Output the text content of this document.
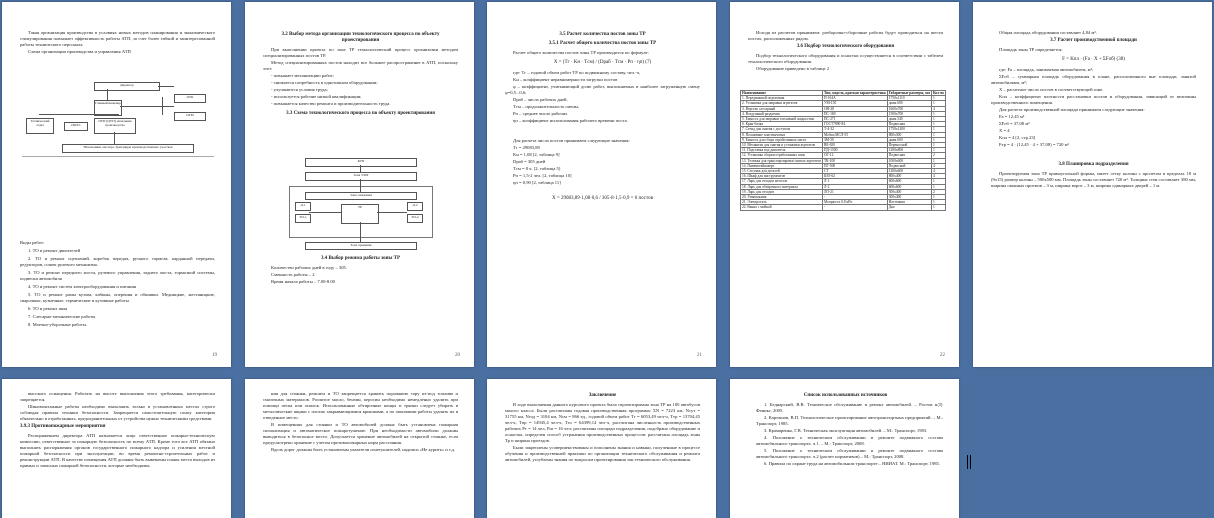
Такая организация производства в условиях новых методов планирования и экономического стимулирования повышает эффективность работы АТП, за счет более гибкой и заинтересованной работы технического персонала.

Схема организации производства и управления АТП

Директор
Главный инженер
ОТК
ОГМ
Технический отдел	ОМТС
ОУП (ЦУП) начальник производства
Начальники, мастера, бригадиры производственных участков

Виды работ:

1. ТО и ремонт двигателей

2. ТО и ремонт сцеплений, коробок передач, ручного тормоза, карданной передачи, редукторов, сошек рулевого механизма.

3. ТО и ремонт переднего моста, рулевого управления, заднего моста, тормозной системы, подвески автомобиля

4. ТО и ремонт систем электрооборудования и питания

5. ТО и ремонт рамы кузова, кабины, оперения и обшивки. Медницкие, жестяницкие, сварочные, кузнечные, термические и кузовные работы

6. ТО и ремонт шин

7. Слесарно-механические работы

8. Моечно-уборочные работы.

19
3.2 Выбор метода организации технологического процесса по объекту проектирования

При выполнении проекта по зоне ТР технологический процесс организован методом специализированных постов ТР.

Метод специализированных постов находит все большее распространение в АТП, поскольку этот:

- повышает механизацию работ;

- снижается потребность в однотипном оборудовании;

- улучшаются условия труда;

- используется рабочие низкой квалификации;

- повышается качество ремонта и производительность труда.

3.3 Схема технологического процесса по объекту проектирования
КТП
Зона УМР
Зона ожидания
Д-1
ТО-1
ТР	Д-2
ТО-2
Зона хранения
3.4 Выбор режима работы зоны ТР

Количество рабочих дней в году – 305.

Сменность работы – 2

Время начала работы – 7.00-8.00

20
3.5 Расчет количества постов зоны ТР
3.5.1 Расчет общего количества постов зоны ТР

Расчет общего количества постов зоны ТР производится по формуле:

X = (Tг · Kн · Tсм) / (Dраб · Tсм · Pп · ηп) (7)

где: Tг – годовой объем работ ТР по подвижному составу, чел.-ч,

Kн – коэффициент неравномерности загрузки постов

φ – коэффициент, учитывающий долю работ, выполняемых в наиболее загруженную смену φ=0,5...0,6;

Dраб – число рабочих дней,

Tсм – продолжительность смены,

Pп – среднее число рабочих

ηп – коэффициент использования рабочего времени поста.

Для расчета числа постов принимаем следующие значения:

Tг = 29083,89

Kн = 1,08 [2, таблица 9]

Dраб = 305 дней

Tсм = 8 ч. [2, таблица 5]

Pп = 1,5-2 чел. [2, таблица 10]

ηп = 0,90 [2, таблица 11]

X = 29083,89·1,08·0,6 / 305·8·1,5·0,9 = 6 постов
21

Исходя из расчетов принимаем: разборочно-сборочные работы будут проводиться на шести постах, расположенных рядом.

3.6 Подбор технологического оборудования

Подбор технологического оборудования и оснастки осуществляется в соответствии с табелем технологического оборудования.

Оборудование приведено в таблице 2

Наименование	Тип, модель, краткая характеристика	Габаритные размеры, мм	Кол-во
1. Передвижной подъемник	П-164А	1750х1110	1
2. Установка для заправки агрегатов	УМ-150	диам.600	1
3. Верстак слесарный	ОН-28	1600х700	4
4. Воздушный раздатчик	ПС-180	1500х700	1
5. Емкость для заправки топливной жидкостью	ПС-271	диам.540	1
6. Кран-балка	ГОСТ7890-84	Подвесная	1
7. Стенд для снятия с доступом	Т-4-32	1750х1200	1
8. Положение пластинчатых	Мобил.МСЛ-55	800х300	1
9. Емкость для сбора отработанных масел	ЗМ-30	диам.600	1
10. Механизм для снятия и установки агрегатов	ВБ-650	Переносной	1
11. Подставка под двигатель	ПД-1500	1200х800	1
12. Установка сборки отработанных шин	ОГ-12	Подвесная	2
13. Тележка для транспортировки снятых агрегатов	ТК-100	1000х600	1
14. Пневмогайковерт	ПГ-500	Подвесной	4
15. Стеллаж для деталей	СТ	1200х600	4
16. Шкаф для инструментов	ШО-62	800х400	4
17. Ларь для отходов металла	Л-1	600х600	1
18. Ларь для обтирочного материала	Л-2	600х600	1
19. Ларь для отходов	ЛО-21	500х400	2
20. Умывальник	-	300х400	1
21. Электроталь	Мощность 0,8 кВт	Настенная	1
22. Ванна с мойкой	-	Дно	1
22

Общая площадь оборудования составляет 4,84 м².

3.7 Расчет производственной площади

Площадь зоны ТР определяется:

F = Kпл · (Fа · X + ΣFоб) (38)

где: Fа – площадь, занимаемая автомобилем, м²;

ΣFоб – суммарная площадь оборудования в плане, расположенного вне площади, занятой автомобилями, м²;

X – расчетное число постов в соответствующей зоне.

Kпл – коэффициент плотности расстановки постов и оборудования, зависящий от величины производственного помещения.

Для расчета производственной площади принимаем следующие значения:

Fа = 12,45 м²

ΣFоб = 37,08 м²

X = 4

Kпл = 4 [2, стр.23]

Fтр = 4 · (12,45 · 4 + 37,08) = 720 м²

3.8 Планировка подразделения

Проектируемая зона ТР прямоугольной формы, имеет сетку колонн с пролетом в пределах 18 м (9х15) размер колонн – 500х500 мм. Площадь зоны составляет 720 м². Толщина стен составляет 380 мм, ширина оконных проемов – 3 м, ширина ворот – 3 м, ширина одинарных дверей – 1 м.

высокого оснащения. Работать на высоте выполнения этого требования, категорически запрещается.

Шиномонтажные работы необходимо выполнять только в установленных местах строго соблюдая правила техники безопасности. Запрещается самостоятельную полку категории обязательно в отработанных, предохранительных от устройства нужно техническими средствами.

3.9.3 Противопожарные мероприятия

Распоряжением директора АТП назначается лицо ответственное пожарно-техническую комиссию, ответственное за пожарную безопасность по всему АТП. Кроме того все АТП обязано выполнять распоряжения органов государственного пожарного надзора и усиления местной пожарной безопасности при эксплуатации, во время ремонтно-строительных работ и реконструкции АТП. В качестве помещения АТП должны быть вывешены планы места выходов из прямых и запасных пожарной безопасности, которые необходимы.

ния для стоянки, ремонта и ТО запрещается хранить порожнюю тару из-под топлива и смазочных материалов. Разлитое масло, бензин, керосин необходимо немедленно удалить при помощи песка или опилок. Использованные обтирочные концы и тряпки следует убирать в металлические ящики с плотно закрывающимися крышками, а по окончании работы удалять их в отведенное место.

В помещениях для стоянки и ТО автомобилей должна быть установлена пожарная сигнализация и автоматическое пожаротушение. При необходимости автомобили должны выводиться в безопасное место. Допускается хранение автомобилей на открытой стоянке, если предусмотрено хранение с учетом противопожарных норм расстояния.

Вдоль дорог должны быть установлены указатели огнетушителей, надписи «Не курить» и т.д.

Заключение

В ходе выполнения данного курсового проекта была спроектирована зона ТР на 100 автобусов малого класса. Были рассчитаны годовая производственная программа: ΣN = 7223 км, Nсут = 31755 км, Nгод = 3104 км, Nсм = 866 ед., годовой объем работ Tг = 6053,49 чел-ч, Tтр = 13704,45 чел-ч, Tпр = 14945,4 чел-ч, Tго = 64399,14 чел-ч, рассчитана численность производственных рабочих Pт = 14 чел, Pш = 16 чел; рассчитаны площади подразделения, подобрано оборудование и оснастка, определен способ устранения производственных процессов: рассчитана площадь зоны Тр и ширина проездов.

Были закреплены усовершенствованы и пополнены знания и навыки, полученные в процессе обучения и производственной практики по организации технического обслуживания и ремонта автомобилей, углублены знания по вопросам проектирования зон технического обслуживания.

Список использованных источников

1. Беднарский, В.В. Техническое обслуживание и ремонт автомобилей. – Ростов н/Д: Феникс, 2005.

2. Карташов, В.П. Технологическое проектирование автотранспортных предприятий. – М.: Транспорт, 1985.

3. Крамаренко, Г.В. Техническая эксплуатация автомобилей. – М.: Транспорт, 1983.

4. Положение о техническом обслуживании и ремонте подвижного состава автомобильного транспорта. ч.1. – М.: Транспорт, 2008.

5. Положение о техническом обслуживании и ремонте подвижного состава автомобильного транспорта. ч.2 (расчет нормативов) – М.: Транспорт, 2008.

6. Правила по охране труда на автомобильном транспорте – НИИАТ. М.: Транспорт, 1985.
